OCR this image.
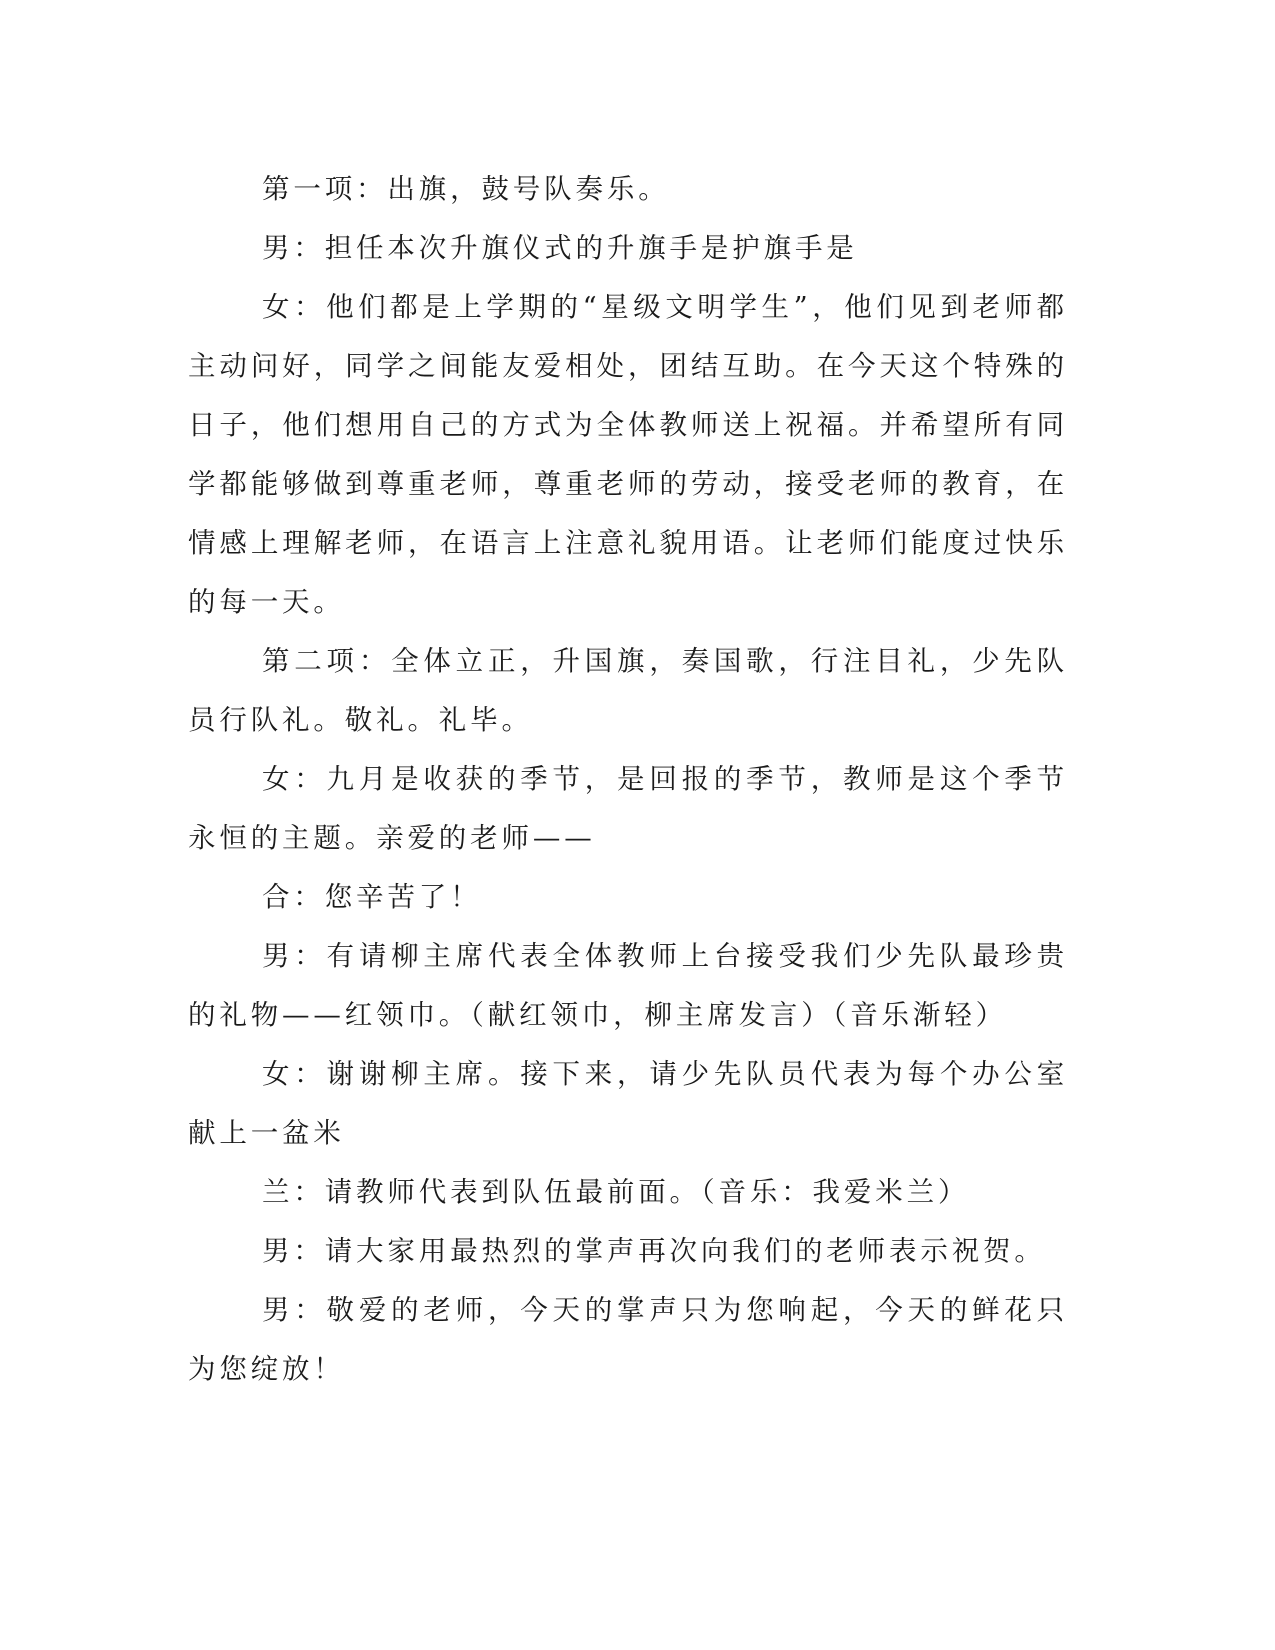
第一项：出旗，鼓号队奏乐。

男：担任本次升旗仪式的升旗手是护旗手是

女：他们都是上学期的“星级文明学生”，他们见到老师都主动问好，同学之间能友爱相处，团结互助。在今天这个特殊的日子，他们想用自己的方式为全体教师送上祝福。并希望所有同学都能够做到尊重老师，尊重老师的劳动，接受老师的教育，在情感上理解老师，在语言上注意礼貌用语。让老师们能度过快乐的每一天。

第二项：全体立正，升国旗，奏国歌，行注目礼，少先队员行队礼。敬礼。礼毕。

女：九月是收获的季节，是回报的季节，教师是这个季节永恒的主题。亲爱的老师——

合：您辛苦了！

男：有请柳主席代表全体教师上台接受我们少先队最珍贵的礼物——红领巾。（献红领巾，柳主席发言）（音乐渐轻）

女：谢谢柳主席。接下来，请少先队员代表为每个办公室献上一盆米

兰：请教师代表到队伍最前面。（音乐：我爱米兰）

男：请大家用最热烈的掌声再次向我们的老师表示祝贺。

男：敬爱的老师，今天的掌声只为您响起，今天的鲜花只为您绽放！
